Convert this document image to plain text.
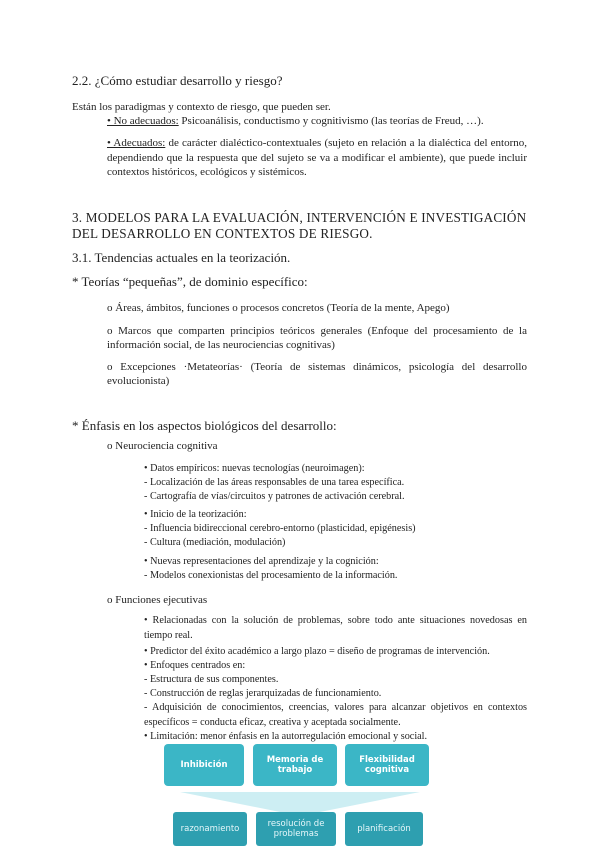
2.2. ¿Cómo estudiar desarrollo y riesgo?

Están los paradigmas y contexto de riesgo, que pueden ser.

• No adecuados: Psicoanálisis, conductismo y cognitivismo (las teorías de Freud, …).

• Adecuados: de carácter dialéctico-contextuales (sujeto en relación a la dialéctica del entorno, dependiendo que la respuesta que del sujeto se va a modificar el ambiente), que puede incluir contextos históricos, ecológicos y sistémicos.

3. MODELOS PARA LA EVALUACIÓN, INTERVENCIÓN E INVESTIGACIÓN DEL DESARROLLO EN CONTEXTOS DE RIESGO.

3.1. Tendencias actuales en la teorización.

* Teorías “pequeñas”, de dominio específico:

o Áreas, ámbitos, funciones o procesos concretos (Teoría de la mente, Apego)

o Marcos que comparten principios teóricos generales (Enfoque del procesamiento de la información social, de las neurociencias cognitivas)

o Excepciones ·Metateorías· (Teoría de sistemas dinámicos, psicología del desarrollo evolucionista)

* Énfasis en los aspectos biológicos del desarrollo:

o Neurociencia cognitiva

• Datos empíricos: nuevas tecnologías (neuroimagen):

- Localización de las áreas responsables de una tarea específica.

- Cartografía de vías/circuitos y patrones de activación cerebral.

• Inicio de la teorización:

- Influencia bidireccional cerebro-entorno (plasticidad, epigénesis)

- Cultura (mediación, modulación)

• Nuevas representaciones del aprendizaje y la cognición:

- Modelos conexionistas del procesamiento de la información.

o Funciones ejecutivas

• Relacionadas con la solución de problemas, sobre todo ante situaciones novedosas en tiempo real.

• Predictor del éxito académico a largo plazo = diseño de programas de intervención.

• Enfoques centrados en:

- Estructura de sus componentes.

- Construcción de reglas jerarquizadas de funcionamiento.

- Adquisición de conocimientos, creencias, valores para alcanzar objetivos en contextos específicos = conducta eficaz, creativa y aceptada socialmente.

• Limitación: menor énfasis en la autorregulación emocional y social.

Inhibición	Memoria de trabajo
Flexibilidad cognitiva
razonamiento	resolución de problemas	planificación
